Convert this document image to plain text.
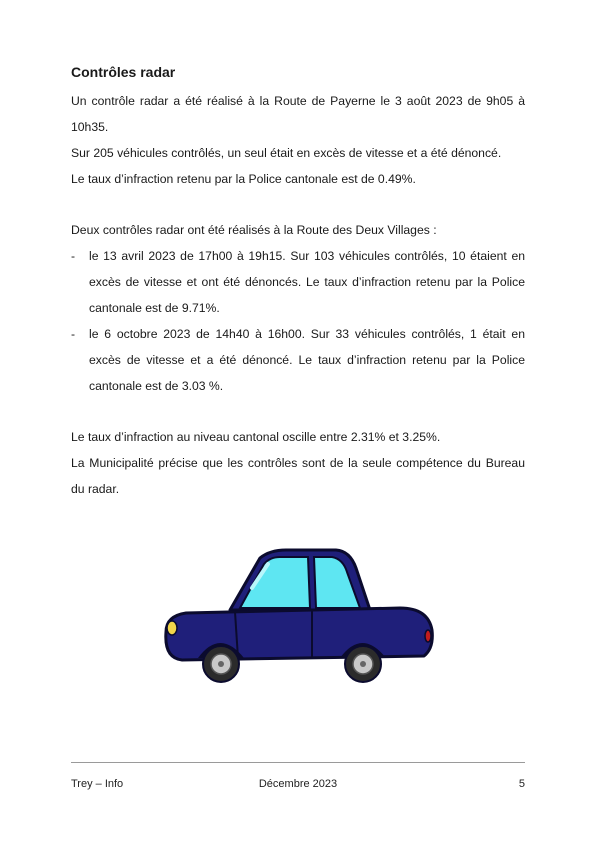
Contrôles radar

Un contrôle radar a été réalisé à la Route de Payerne le 3 août 2023 de 9h05 à 10h35.

Sur 205 véhicules contrôlés, un seul était en excès de vitesse et a été dénoncé.

Le taux d’infraction retenu par la Police cantonale est de 0.49%.

Deux contrôles radar ont été réalisés à la Route des Deux Villages :

- le 13 avril 2023 de 17h00 à 19h15. Sur 103 véhicules contrôlés, 10 étaient en excès de vitesse et ont été dénoncés. Le taux d’infraction retenu par la Police cantonale est de 9.71%.
- le 6 octobre 2023 de 14h40 à 16h00. Sur 33 véhicules contrôlés, 1 était en excès de vitesse et a été dénoncé. Le taux d’infraction retenu par la Police cantonale est de 3.03 %.

Le taux d’infraction au niveau cantonal oscille entre 2.31% et 3.25%.

La Municipalité précise que les contrôles sont de la seule compétence du Bureau du radar.

Trey – Info	Décembre 2023	5
